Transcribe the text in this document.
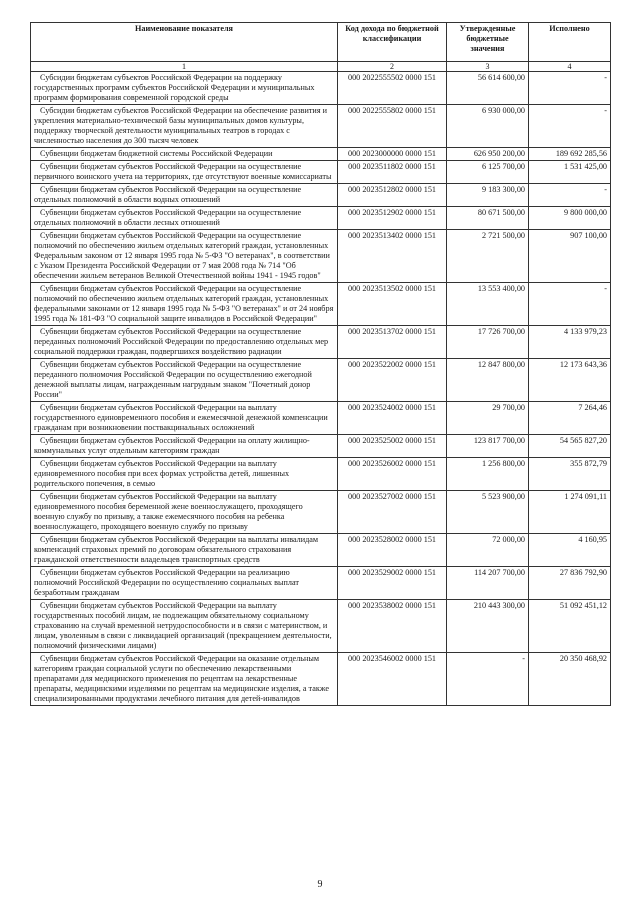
Наименование показателя	Код дохода по бюджетной классификации	Утвержденные бюджетные значения	Исполнено
1	2	3	4
Субсидии бюджетам субъектов Российской Федерации на поддержку государственных программ субъектов Российской Федерации и муниципальных программ формирования современной городской среды	000 2022555502 0000 151	56 614 600,00	-
Субсидии бюджетам субъектов Российской Федерации на обеспечение развития и укрепления материально-технической базы муниципальных домов культуры, поддержку творческой деятельности муниципальных театров в городах с численностью населения до 300 тысяч человек	000 2022555802 0000 151	6 930 000,00	-
Субвенции бюджетам бюджетной системы Российской Федерации	000 2023000000 0000 151	626 950 200,00	189 692 285,56
Субвенции бюджетам субъектов Российской Федерации на осуществление первичного воинского учета на территориях, где отсутствуют военные комиссариаты	000 2023511802 0000 151	6 125 700,00	1 531 425,00
Субвенции бюджетам субъектов Российской Федерации на осуществление отдельных полномочий в области водных отношений	000 2023512802 0000 151	9 183 300,00	-
Субвенции бюджетам субъектов Российской Федерации на осуществление отдельных полномочий в области лесных отношений	000 2023512902 0000 151	80 671 500,00	9 800 000,00
Субвенции бюджетам субъектов Российской Федерации на осуществление полномочий по обеспечению жильем отдельных категорий граждан, установленных Федеральным законом от 12 января 1995 года № 5-ФЗ "О ветеранах", в соответствии с Указом Президента Российской Федерации от 7 мая 2008 года № 714 "Об обеспечении жильем ветеранов Великой Отечественной войны 1941 - 1945 годов"	000 2023513402 0000 151	2 721 500,00	907 100,00
Субвенции бюджетам субъектов Российской Федерации на осуществление полномочий по обеспечению жильем отдельных категорий граждан, установленных федеральными законами от 12 января 1995 года № 5-ФЗ "О ветеранах" и от 24 ноября 1995 года № 181-ФЗ "О социальной защите инвалидов в Российской Федерации"	000 2023513502 0000 151	13 553 400,00	-
Субвенции бюджетам субъектов Российской Федерации на осуществление переданных полномочий Российской Федерации по предоставлению отдельных мер социальной поддержки граждан, подвергшихся воздействию радиации	000 2023513702 0000 151	17 726 700,00	4 133 979,23
Субвенции бюджетам субъектов Российской Федерации на осуществление переданного полномочия Российской Федерации по осуществлению ежегодной денежной выплаты лицам, награжденным нагрудным знаком "Почетный донор России"	000 2023522002 0000 151	12 847 800,00	12 173 643,36
Субвенции бюджетам субъектов Российской Федерации на выплату государственного единовременного пособия и ежемесячной денежной компенсации гражданам при возникновении поствакцинальных осложнений	000 2023524002 0000 151	29 700,00	7 264,46
Субвенции бюджетам субъектов Российской Федерации на оплату жилищно-коммунальных услуг отдельным категориям граждан	000 2023525002 0000 151	123 817 700,00	54 565 827,20
Субвенции бюджетам субъектов Российской Федерации на выплату единовременного пособия при всех формах устройства детей, лишенных родительского попечения, в семью	000 2023526002 0000 151	1 256 800,00	355 872,79
Субвенции бюджетам субъектов Российской Федерации на выплату единовременного пособия беременной жене военнослужащего, проходящего военную службу по призыву, а также ежемесячного пособия на ребенка военнослужащего, проходящего военную службу по призыву	000 2023527002 0000 151	5 523 900,00	1 274 091,11
Субвенции бюджетам субъектов Российской Федерации на выплаты инвалидам компенсаций страховых премий по договорам обязательного страхования гражданской ответственности владельцев транспортных средств	000 2023528002 0000 151	72 000,00	4 160,95
Субвенции бюджетам субъектов Российской Федерации на реализацию полномочий Российской Федерации по осуществлению социальных выплат безработным гражданам	000 2023529002 0000 151	114 207 700,00	27 836 792,90
Субвенции бюджетам субъектов Российской Федерации на выплату государственных пособий лицам, не подлежащим обязательному социальному страхованию на случай временной нетрудоспособности и в связи с материнством, и лицам, уволенным в связи с ликвидацией организаций (прекращением деятельности, полномочий физическими лицами)	000 2023538002 0000 151	210 443 300,00	51 092 451,12
Субвенции бюджетам субъектов Российской Федерации на оказание отдельным категориям граждан социальной услуги по обеспечению лекарственными препаратами для медицинского применения по рецептам на лекарственные препараты, медицинскими изделиями по рецептам на медицинские изделия, а также специализированными продуктами лечебного питания для детей-инвалидов	000 2023546002 0000 151	-	20 350 468,92
9
